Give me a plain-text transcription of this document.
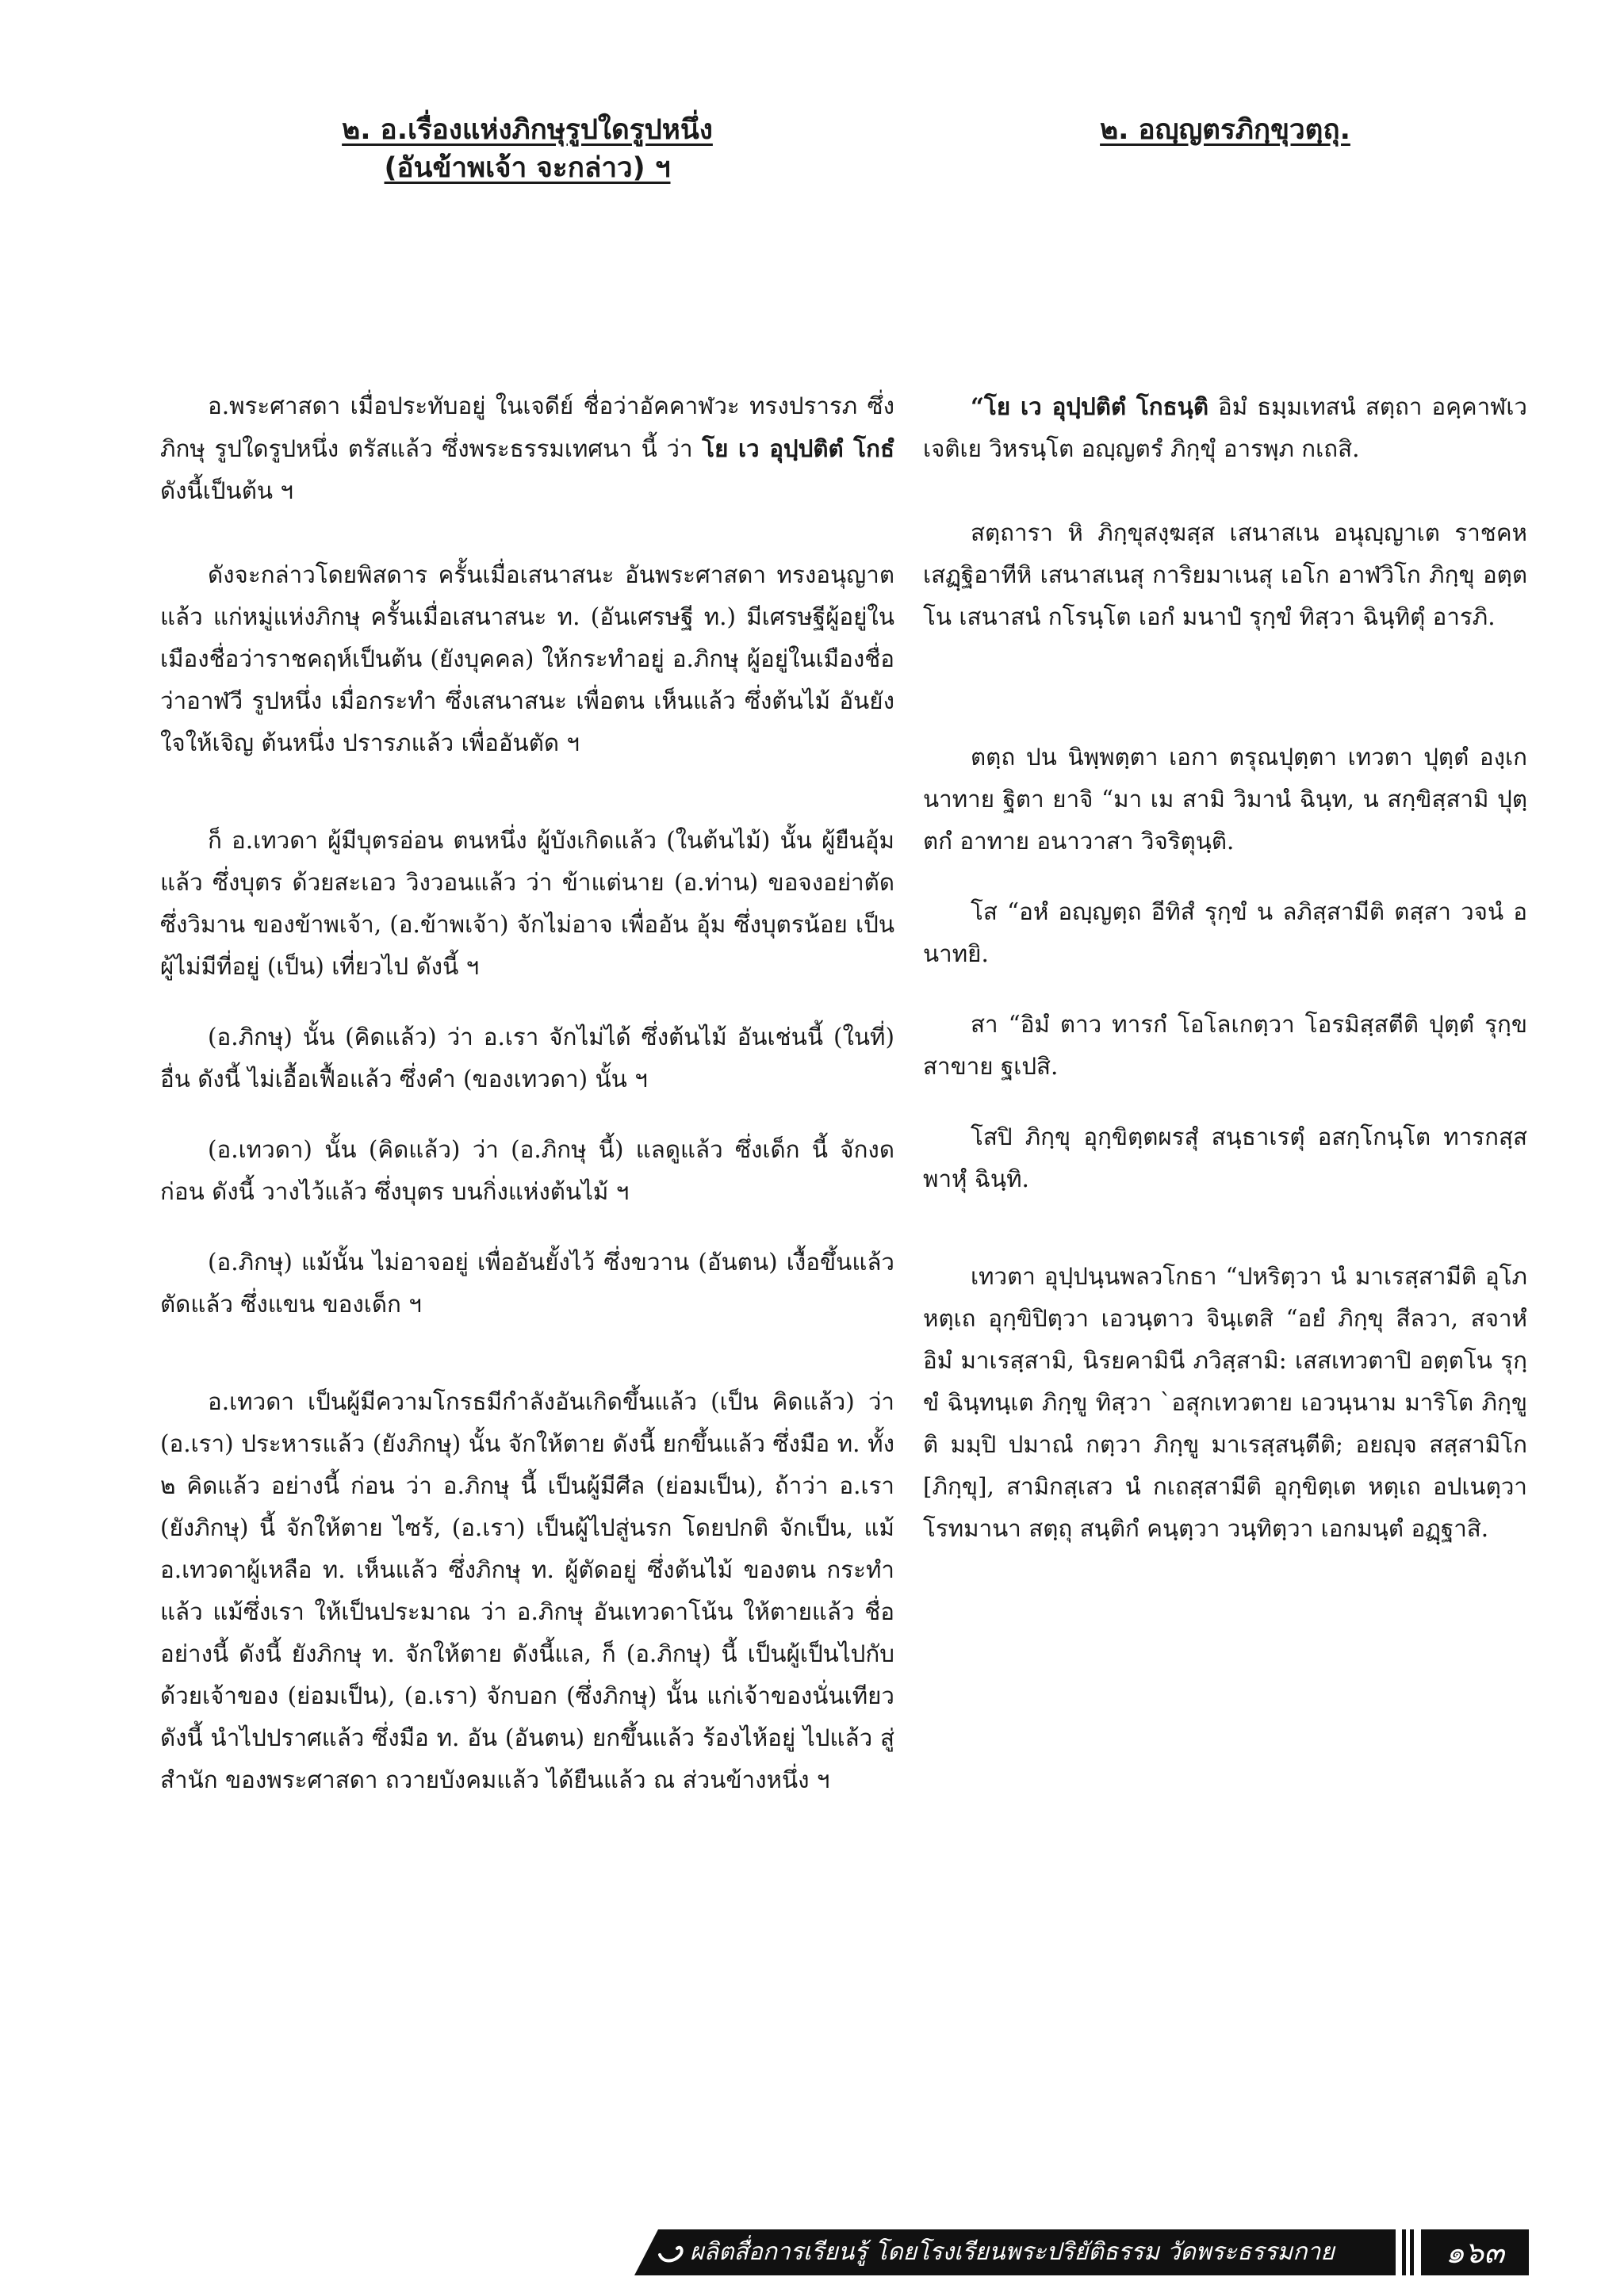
๒. อ.เรื่องแห่งภิกษุรูปใดรูปหนึ่ง

(อันข้าพเจ้า จะกล่าว) ฯ

อ.พระศาสดา เมื่อประทับอยู่ ในเจดีย์ ชื่อว่าอัคคาฬวะ ทรงปรารภ ซึ่งภิกษุ รูปใดรูปหนึ่ง ตรัสแล้ว ซึ่งพระธรรมเทศนา นี้ ว่า โย เว อุปฺปติตํ โกธํ ดังนี้เป็นต้น ฯ

ดังจะกล่าวโดยพิสดาร ครั้นเมื่อเสนาสนะ อันพระศาสดา ทรงอนุญาตแล้ว แก่หมู่แห่งภิกษุ ครั้นเมื่อเสนาสนะ ท. (อันเศรษฐี ท.) มีเศรษฐีผู้อยู่ในเมืองชื่อว่าราชคฤห์เป็นต้น (ยังบุคคล) ให้กระทำอยู่ อ.ภิกษุ ผู้อยู่ในเมืองชื่อว่าอาฬวี รูปหนึ่ง เมื่อกระทำ ซึ่งเสนาสนะ เพื่อตน เห็นแล้ว ซึ่งต้นไม้ อันยังใจให้เจิญ ต้นหนึ่ง ปรารภแล้ว เพื่ออันตัด ฯ

ก็ อ.เทวดา ผู้มีบุตรอ่อน ตนหนึ่ง ผู้บังเกิดแล้ว (ในต้นไม้) นั้น ผู้ยืนอุ้มแล้ว ซึ่งบุตร ด้วยสะเอว วิงวอนแล้ว ว่า ข้าแต่นาย (อ.ท่าน) ขอจงอย่าตัด ซึ่งวิมาน ของข้าพเจ้า, (อ.ข้าพเจ้า) จักไม่อาจ เพื่ออัน อุ้ม ซึ่งบุตรน้อย เป็นผู้ไม่มีที่อยู่ (เป็น) เที่ยวไป ดังนี้ ฯ

(อ.ภิกษุ) นั้น (คิดแล้ว) ว่า อ.เรา จักไม่ได้ ซึ่งต้นไม้ อันเช่นนี้ (ในที่) อื่น ดังนี้ ไม่เอื้อเฟื้อแล้ว ซึ่งคำ (ของเทวดา) นั้น ฯ

(อ.เทวดา) นั้น (คิดแล้ว) ว่า (อ.ภิกษุ นี้) แลดูแล้ว ซึ่งเด็ก นี้ จักงด ก่อน ดังนี้ วางไว้แล้ว ซึ่งบุตร บนกิ่งแห่งต้นไม้ ฯ

(อ.ภิกษุ) แม้นั้น ไม่อาจอยู่ เพื่ออันยั้งไว้ ซึ่งขวาน (อันตน) เงื้อขึ้นแล้ว ตัดแล้ว ซึ่งแขน ของเด็ก ฯ

อ.เทวดา เป็นผู้มีความโกรธมีกำลังอันเกิดขึ้นแล้ว (เป็น คิดแล้ว) ว่า (อ.เรา) ประหารแล้ว (ยังภิกษุ) นั้น จักให้ตาย ดังนี้ ยกขึ้นแล้ว ซึ่งมือ ท. ทั้ง ๒ คิดแล้ว อย่างนี้ ก่อน ว่า อ.ภิกษุ นี้ เป็นผู้มีศีล (ย่อมเป็น), ถ้าว่า อ.เรา (ยังภิกษุ) นี้ จักให้ตาย ไซร้, (อ.เรา) เป็นผู้ไปสู่นรก โดยปกติ จักเป็น, แม้ อ.เทวดาผู้เหลือ ท. เห็นแล้ว ซึ่งภิกษุ ท. ผู้ตัดอยู่ ซึ่งต้นไม้ ของตน กระทำแล้ว แม้ซึ่งเรา ให้เป็นประมาณ ว่า อ.ภิกษุ อันเทวดาโน้น ให้ตายแล้ว ชื่อ อย่างนี้ ดังนี้ ยังภิกษุ ท. จักให้ตาย ดังนี้แล, ก็ (อ.ภิกษุ) นี้ เป็นผู้เป็นไปกับด้วยเจ้าของ (ย่อมเป็น), (อ.เรา) จักบอก (ซึ่งภิกษุ) นั้น แก่เจ้าของนั่นเทียว ดังนี้ นำไปปราศแล้ว ซึ่งมือ ท. อัน (อันตน) ยกขึ้นแล้ว ร้องไห้อยู่ ไปแล้ว สู่สำนัก ของพระศาสดา ถวายบังคมแล้ว ได้ยืนแล้ว ณ ส่วนข้างหนึ่ง ฯ

๒. อญฺญตรภิกฺขุวตฺถุ.

“โย เว อุปฺปติตํ โกธนฺติ อิมํ ธมฺมเทสนํ สตฺถา อคฺคาฬเว เจติเย วิหรนฺโต อญฺญตรํ ภิกฺขุํ อารพฺภ กเถสิ.

สตฺถารา หิ ภิกฺขุสงฺฆสฺส เสนาสเน อนุญฺญาเต ราชคหเสฏฺฐิอาทีหิ เสนาสเนสุ การิยมาเนสุ เอโก อาฬวิโก ภิกฺขุ อตฺตโน เสนาสนํ กโรนฺโต เอกํ มนาปํ รุกฺขํ ทิสฺวา ฉินฺทิตุํ อารภิ.

ตตฺถ ปน นิพฺพตฺตา เอกา ตรุณปุตฺตา เทวตา ปุตฺตํ องฺเกนาทาย ฐิตา ยาจิ “มา เม สามิ วิมานํ ฉินฺท, น สกฺขิสฺสามิ ปุตฺตกํ อาทาย อนาวาสา วิจริตุนฺติ.

โส “อหํ อญฺญตฺถ อีทิสํ รุกฺขํ น ลภิสฺสามีติ ตสฺสา วจนํ อนาทยิ.

สา “อิมํ ตาว ทารกํ โอโลเกตฺวา โอรมิสฺสตีติ ปุตฺตํ รุกฺขสาขาย ฐเปสิ.

โสปิ ภิกฺขุ อุกฺขิตฺตผรสุํ สนฺธาเรตุํ อสกฺโกนฺโต ทารกสฺส พาหุํ ฉินฺทิ.

เทวตา อุปฺปนฺนพลวโกธา “ปหริตฺวา นํ มาเรสฺสามีติ อุโภ หตฺเถ อุกฺขิปิตฺวา เอวนฺตาว จินฺเตสิ “อยํ ภิกฺขุ สีลวา, สจาหํ อิมํ มาเรสฺสามิ, นิรยคามินี ภวิสฺสามิ: เสสเทวตาปิ อตฺตโน รุกฺขํ ฉินฺทนฺเต ภิกฺขู ทิสฺวา `อสุกเทวตาย เอวนฺนาม มาริโต ภิกฺขูติ มมฺปิ ปมาณํ กตฺวา ภิกฺขู มาเรสฺสนฺตีติ; อยญฺจ สสฺสามิโก [ภิกฺขุ], สามิกสฺเสว นํ กเถสฺสามีติ อุกฺขิตฺเต หตฺเถ อปเนตฺวา โรทมานา สตฺถุ สนฺติกํ คนฺตฺวา วนฺทิตฺวา เอกมนฺตํ อฏฺฐาสิ.

ผลิตสื่อการเรียนรู้ โดยโรงเรียนพระปริยัติธรรม วัดพระธรรมกาย	๑๖๓
